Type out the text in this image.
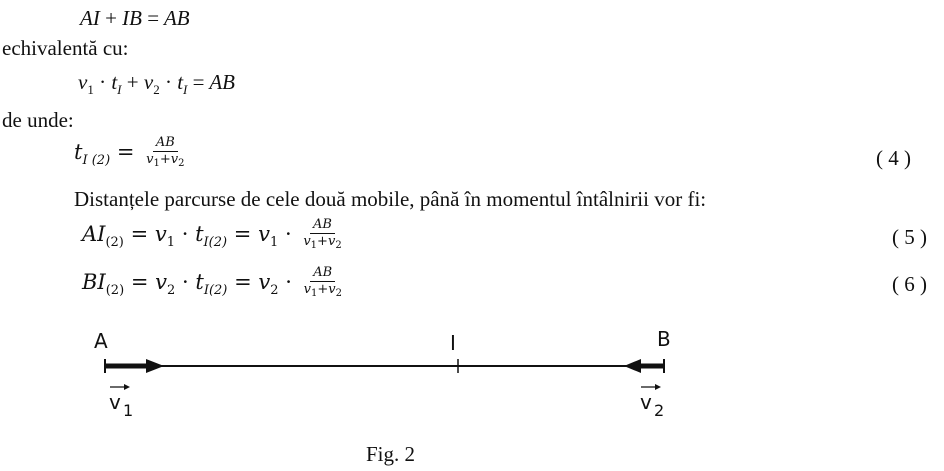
AI + IB = AB
echivalentă cu:
$v_1 \cdot t_I + v_2 \cdot t_I$ = AB
de unde:
$t_{I (2)} = \frac{AB}{v_1+v_2}$	( 4 )
Distanțele parcurse de cele două mobile, până în momentul întâlnirii vor fi:
$AI_{(2)} = v_1 \cdot t_{I(2)} = v_1 \cdot \frac{AB}{v_1+v_2}$	( 5 )
$BI_{(2)} = v_2 \cdot t_{I(2)} = v_2 \cdot \frac{AB}{v_1+v_2}$	( 6 )
A	I	B
v 1	v 2
Fig. 2
